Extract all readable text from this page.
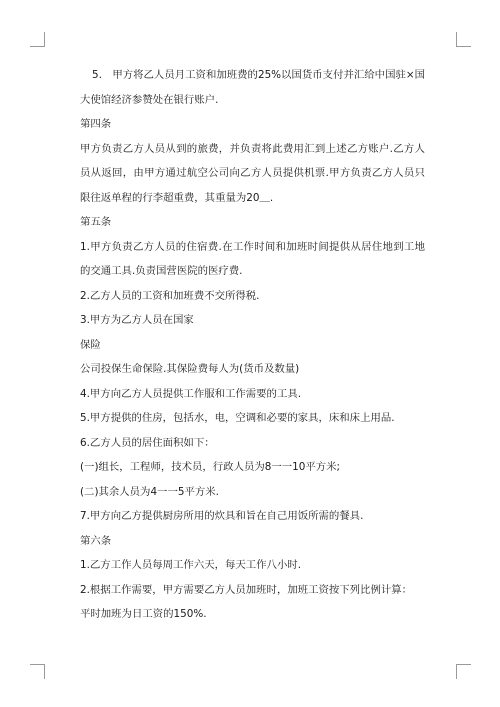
5.　甲方将乙人员月工资和加班费的25%以国货币支付并汇给中国驻×国大使馆经济参赞处在银行账户.

第四条

甲方负责乙方人员从到的旅费，并负责将此费用汇到上述乙方账户.乙方人员从返回，由甲方通过航空公司向乙方人员提供机票.甲方负责乙方人员只限往返单程的行李超重费，其重量为20＿.

第五条

1.甲方负责乙方人员的住宿费.在工作时间和加班时间提供从居住地到工地的交通工具.负责国营医院的医疗费.

2.乙方人员的工资和加班费不交所得税.

3.甲方为乙方人员在国家

保险

公司投保生命保险.其保险费每人为(货币及数量)

4.甲方向乙方人员提供工作服和工作需要的工具.

5.甲方提供的住房，包括水，电，空调和必要的家具，床和床上用品.

6.乙方人员的居住面积如下：

(一)组长，工程师，技术员，行政人员为8一一10平方米;

(二)其余人员为4一一5平方米.

7.甲方向乙方提供厨房所用的炊具和旨在自己用饭所需的餐具.

第六条

1.乙方工作人员每周工作六天，每天工作八小时.

2.根据工作需要，甲方需要乙方人员加班时，加班工资按下列比例计算：

平时加班为日工资的150%.
